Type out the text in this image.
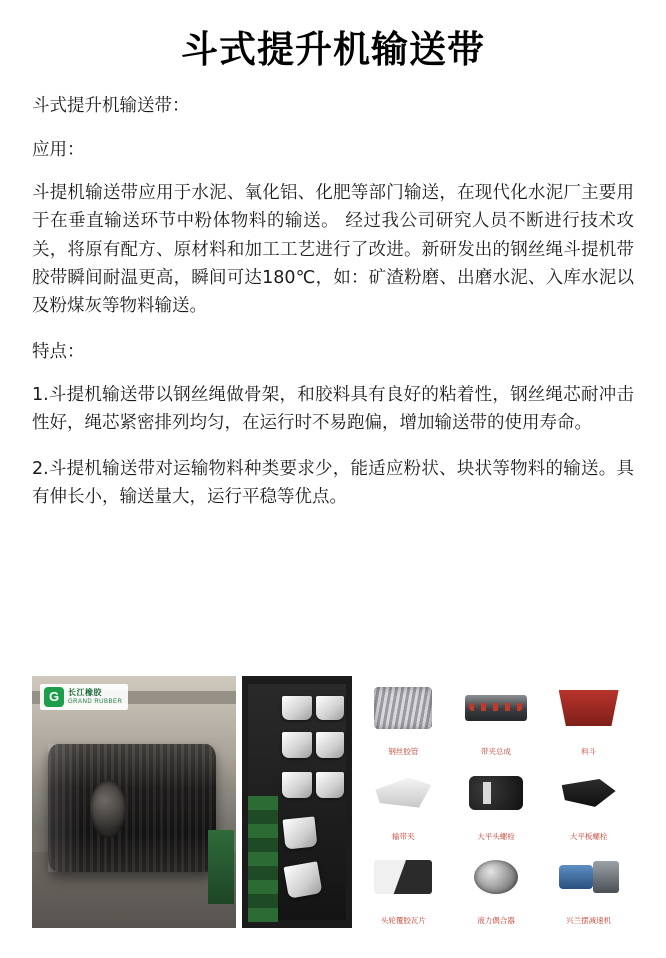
斗式提升机输送带

斗式提升机输送带：

应用：

斗提机输送带应用于水泥、氧化铝、化肥等部门输送，在现代化水泥厂主要用于在垂直输送环节中粉体物料的输送。 经过我公司研究人员不断进行技术攻关，将原有配方、原材料和加工工艺进行了改进。新研发出的钢丝绳斗提机带胶带瞬间耐温更高，瞬间可达180℃，如：矿渣粉磨、出磨水泥、入库水泥以及粉煤灰等物料输送。

特点：

1.斗提机输送带以钢丝绳做骨架，和胶料具有良好的粘着性，钢丝绳芯耐冲击性好，绳芯紧密排列均匀，在运行时不易跑偏，增加输送带的使用寿命。

2.斗提机输送带对运输物料种类要求少，能适应粉状、块状等物料的输送。具有伸长小，输送量大，运行平稳等优点。

G	长江橡胶
GRAND RUBBER
钢丝胶管	带夹总成	料斗
输带夹	大平头螺栓	大平板螺栓
头轮覆胶瓦片	液力偶合器	兴兰摆减速机
